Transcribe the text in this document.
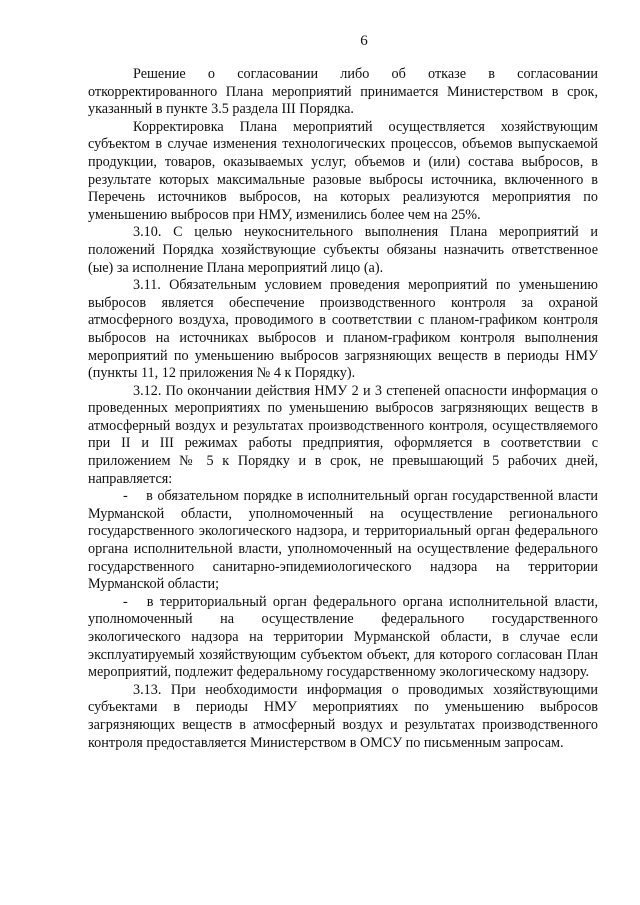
6

Решение о согласовании либо об отказе в согласовании откорректированного Плана мероприятий принимается Министерством в срок, указанный в пункте 3.5 раздела III Порядка.

Корректировка Плана мероприятий осуществляется хозяйствующим субъектом в случае изменения технологических процессов, объемов выпускаемой продукции, товаров, оказываемых услуг, объемов и (или) состава выбросов, в результате которых максимальные разовые выбросы источника, включенного в Перечень источников выбросов, на которых реализуются мероприятия по уменьшению выбросов при НМУ, изменились более чем на 25%.

3.10. С целью неукоснительного выполнения Плана мероприятий и положений Порядка хозяйствующие субъекты обязаны назначить ответственное (ые) за исполнение Плана мероприятий лицо (а).

3.11. Обязательным условием проведения мероприятий по уменьшению выбросов является обеспечение производственного контроля за охраной атмосферного воздуха, проводимого в соответствии с планом-графиком контроля выбросов на источниках выбросов и планом-графиком контроля выполнения мероприятий по уменьшению выбросов загрязняющих веществ в периоды НМУ (пункты 11, 12 приложения № 4 к Порядку).

3.12. По окончании действия НМУ 2 и 3 степеней опасности информация о проведенных мероприятиях по уменьшению выбросов загрязняющих веществ в атмосферный воздух и результатах производственного контроля, осуществляемого при II и III режимах работы предприятия, оформляется в соответствии с приложением № 5 к Порядку и в срок, не превышающий 5 рабочих дней, направляется:

-    в обязательном порядке в исполнительный орган государственной власти Мурманской области, уполномоченный на осуществление регионального государственного экологического надзора, и территориальный орган федерального органа исполнительной власти, уполномоченный на осуществление федерального государственного санитарно-эпидемиологического надзора на территории Мурманской области;

-   в территориальный орган федерального органа исполнительной власти, уполномоченный на осуществление федерального государственного экологического надзора на территории Мурманской области, в случае если эксплуатируемый хозяйствующим субъектом объект, для которого согласован План мероприятий, подлежит федеральному государственному экологическому надзору.

3.13. При необходимости информация о проводимых хозяйствующими субъектами в периоды НМУ мероприятиях по уменьшению выбросов загрязняющих веществ в атмосферный воздух и результатах производственного контроля предоставляется Министерством в ОМСУ по письменным запросам.
